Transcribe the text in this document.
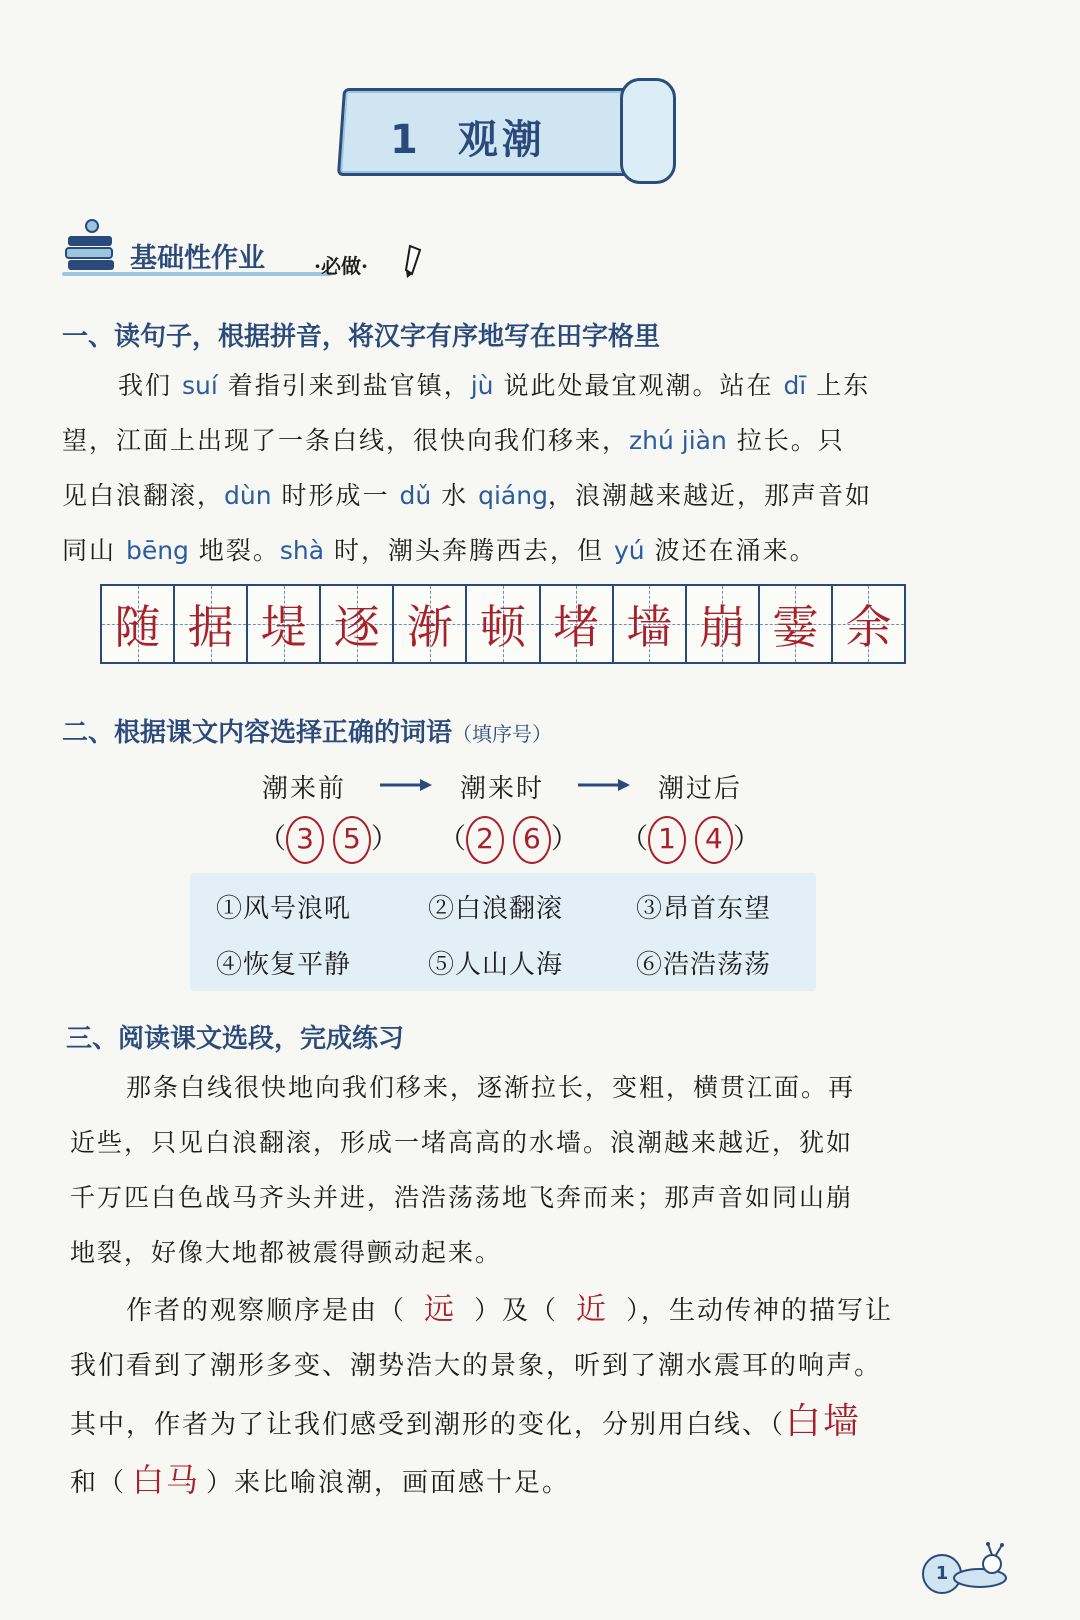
1 观潮
基础性作业 ·必做·
一、读句子，根据拼音，将汉字有序地写在田字格里
我们 suí 着指引来到盐官镇，jù 说此处最宜观潮。站在 dī 上东
望，江面上出现了一条白线，很快向我们移来，zhú jiàn 拉长。只
见白浪翻滚，dùn 时形成一 dǔ 水 qiáng，浪潮越来越近，那声音如
同山 bēng 地裂。shà 时，潮头奔腾西去，但 yú 波还在涌来。
随 据 堤 逐 渐 顿 堵 墙 崩 霎 余
二、根据课文内容选择正确的词语（填序号）
潮来前	潮来时	潮过后
（ 3 5 ） （ 2 6 ） （ 1 4 ）
①风号浪吼	②白浪翻滚	③昂首东望
④恢复平静	⑤人山人海	⑥浩浩荡荡
三、阅读课文选段，完成练习
那条白线很快地向我们移来，逐渐拉长，变粗，横贯江面。再
近些，只见白浪翻滚，形成一堵高高的水墙。浪潮越来越近，犹如
千万匹白色战马齐头并进，浩浩荡荡地飞奔而来；那声音如同山崩
地裂，好像大地都被震得颤动起来。
作者的观察顺序是由（ 远 ）及（ 近 ），生动传神的描写让
我们看到了潮形多变、潮势浩大的景象，听到了潮水震耳的响声。
其中，作者为了让我们感受到潮形的变化，分别用白线、（白墙
和（ 白马 ）来比喻浪潮，画面感十足。
1
